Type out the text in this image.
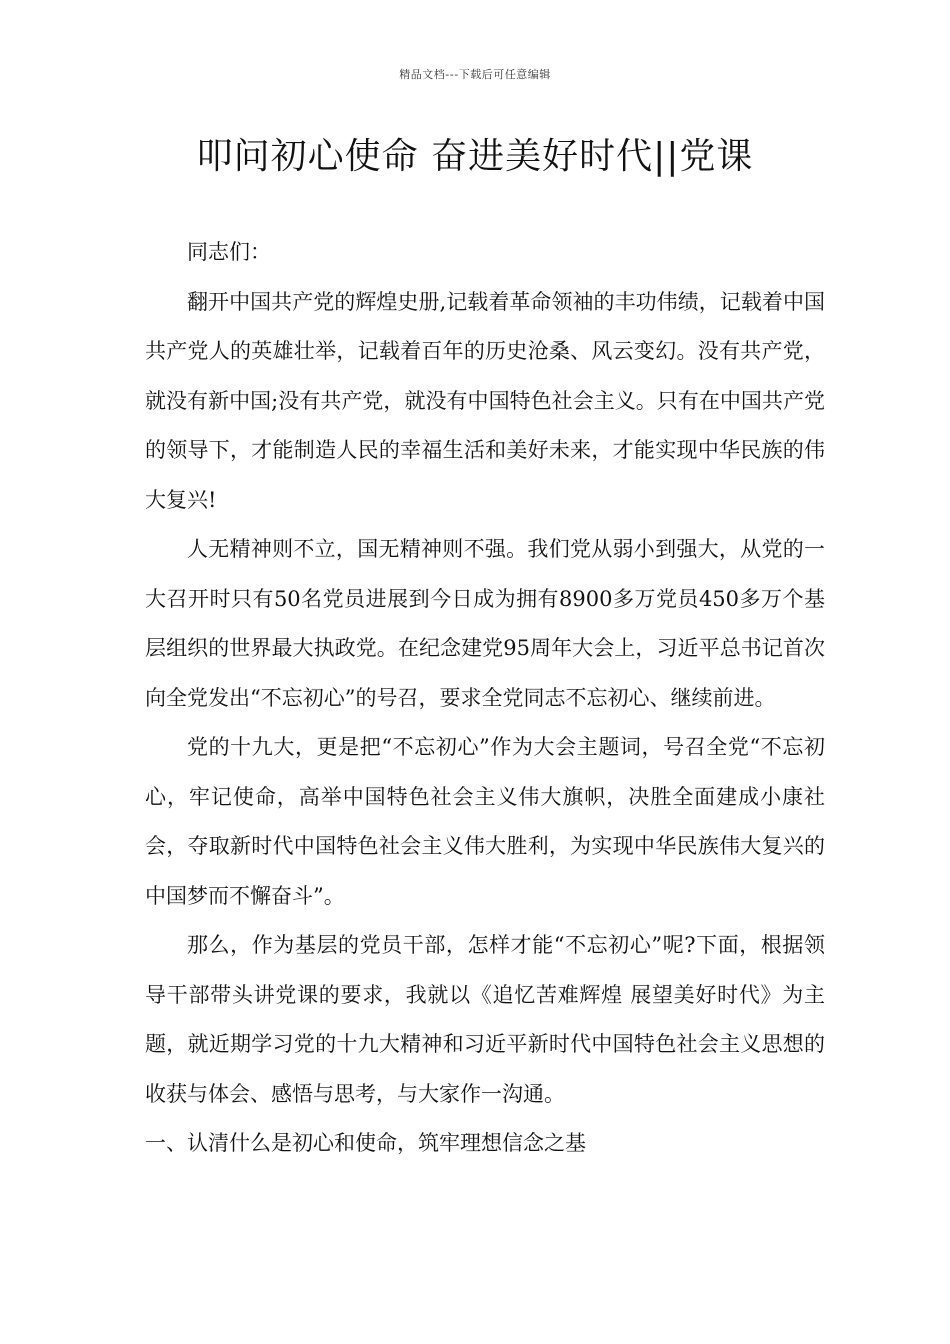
精品文档---下载后可任意编辑
叩问初心使命 奋进美好时代||党课

同志们：

翻开中国共产党的辉煌史册,记载着革命领袖的丰功伟绩，记载着中国共产党人的英雄壮举，记载着百年的历史沧桑、风云变幻。没有共产党，就没有新中国;没有共产党，就没有中国特色社会主义。只有在中国共产党的领导下，才能制造人民的幸福生活和美好未来，才能实现中华民族的伟大复兴!

人无精神则不立，国无精神则不强。我们党从弱小到强大，从党的一大召开时只有50名党员进展到今日成为拥有8900多万党员450多万个基层组织的世界最大执政党。在纪念建党95周年大会上，习近平总书记首次向全党发出“不忘初心”的号召，要求全党同志不忘初心、继续前进。

党的十九大，更是把“不忘初心”作为大会主题词，号召全党“不忘初心，牢记使命，高举中国特色社会主义伟大旗帜，决胜全面建成小康社会，夺取新时代中国特色社会主义伟大胜利，为实现中华民族伟大复兴的中国梦而不懈奋斗”。

那么，作为基层的党员干部，怎样才能“不忘初心”呢?下面，根据领导干部带头讲党课的要求，我就以《追忆苦难辉煌 展望美好时代》为主题，就近期学习党的十九大精神和习近平新时代中国特色社会主义思想的收获与体会、感悟与思考，与大家作一沟通。

一、认清什么是初心和使命，筑牢理想信念之基
